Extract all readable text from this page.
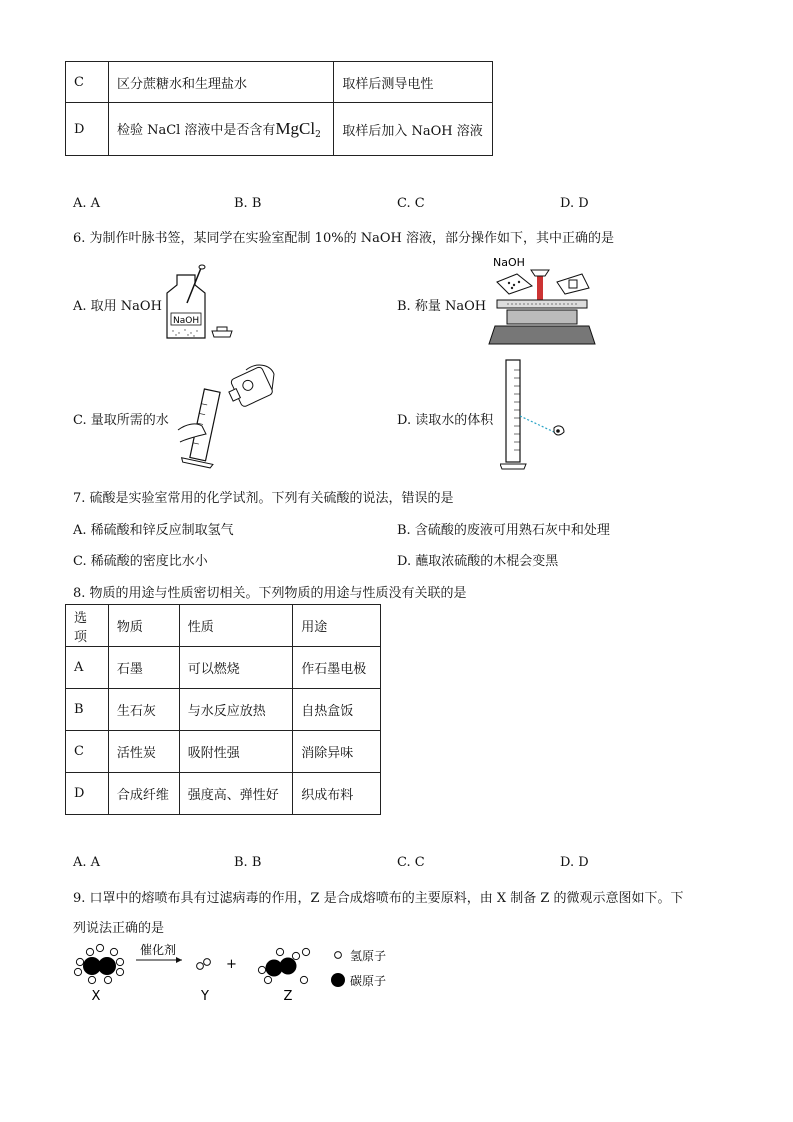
C	区分蔗糖水和生理盐水	取样后测导电性
D	检验 NaCl 溶液中是否含有MgCl$_2$	取样后加入 NaOH 溶液
A. A	B. B	C. C	D. D
6. 为制作叶脉书签，某同学在实验室配制 10%的 NaOH 溶液，部分操作如下，其中正确的是
A. 取用 NaOH
NaOH
B. 称量 NaOH
NaOH
C. 量取所需的水	D. 读取水的体积
7. 硫酸是实验室常用的化学试剂。下列有关硫酸的说法，错误的是
A. 稀硫酸和锌反应制取氢气	B. 含硫酸的废液可用熟石灰中和处理
C. 稀硫酸的密度比水小	D. 蘸取浓硫酸的木棍会变黑
8. 物质的用途与性质密切相关。下列物质的用途与性质没有关联的是
选项	物质	性质	用途
A	石墨	可以燃烧	作石墨电极
B	生石灰	与水反应放热	自热盒饭
C	活性炭	吸附性强	消除异味
D	合成纤维	强度高、弹性好	织成布料
A. A	B. B	C. C	D. D
9. 口罩中的熔喷布具有过滤病毒的作用，Z 是合成熔喷布的主要原料，由 X 制备 Z 的微观示意图如下。下
列说法正确的是
X
催化剂
Y
+
Z
氢原子
碳原子
